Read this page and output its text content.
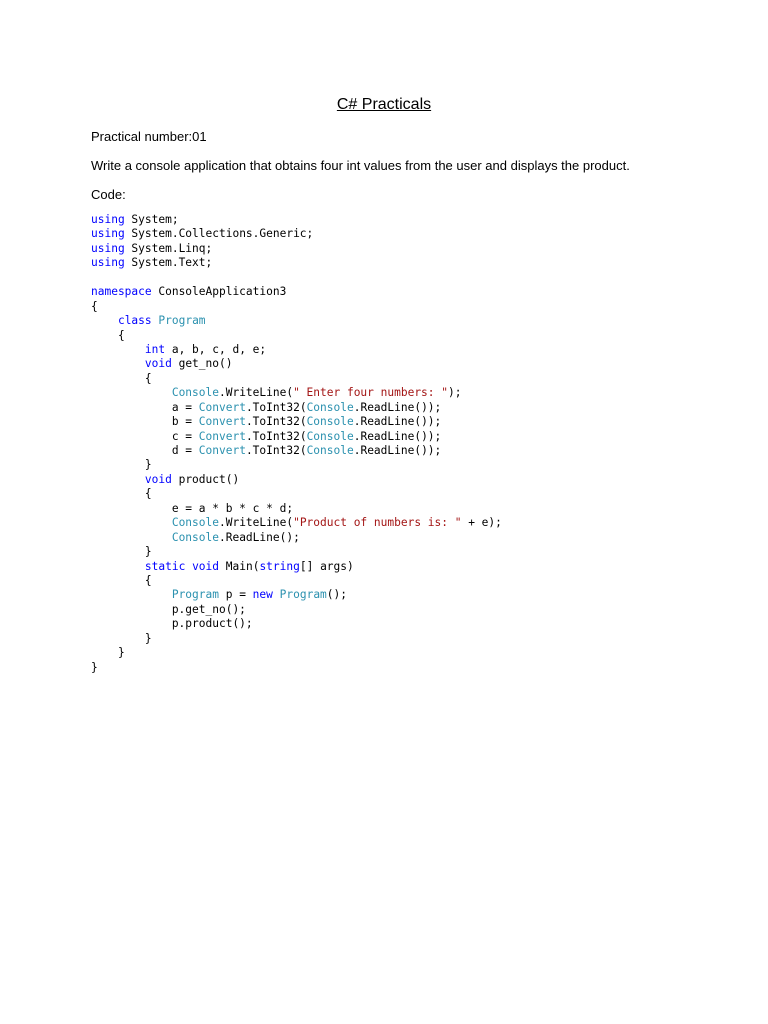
C# Practicals
Practical number:01
Write a console application that obtains four int values from the user and displays the product.
Code:
using System;
using System.Collections.Generic;
using System.Linq;
using System.Text;

namespace ConsoleApplication3
{
class Program
{
int a, b, c, d, e;
void get_no()
{
Console.WriteLine(" Enter four numbers: ");
a = Convert.ToInt32(Console.ReadLine());
b = Convert.ToInt32(Console.ReadLine());
c = Convert.ToInt32(Console.ReadLine());
d = Convert.ToInt32(Console.ReadLine());
}
void product()
{
e = a * b * c * d;
Console.WriteLine("Product of numbers is: " + e);
Console.ReadLine();
}
static void Main(string[] args)
{
Program p = new Program();
p.get_no();
p.product();
}
}
}
